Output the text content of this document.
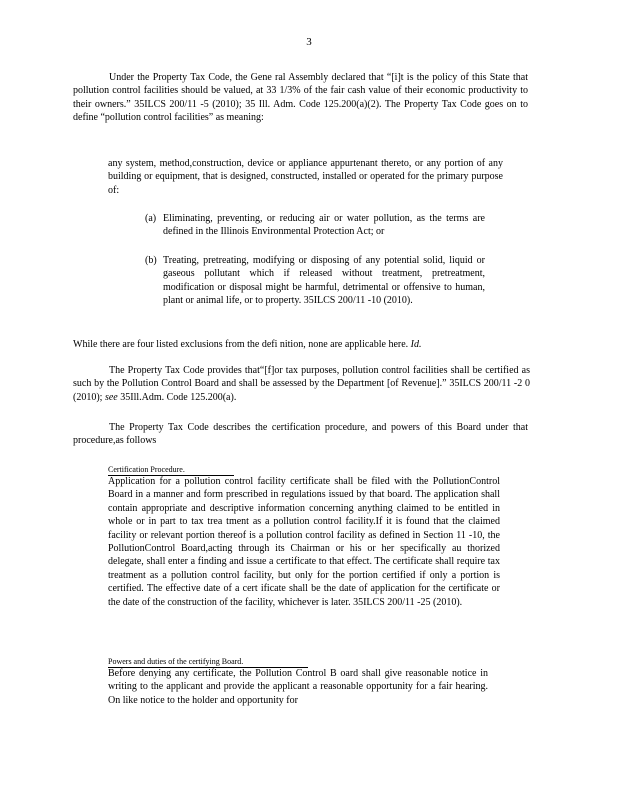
3

Under the Property Tax Code, the Gene ral Assembly declared that “[i]t is the policy of this State that pollution control facilities should be valued, at 33 1/3% of the fair cash value of their economic productivity to their owners.” 35ILCS 200/11 -5 (2010); 35 Ill. Adm. Code 125.200(a)(2). The Property Tax Code goes on to define “pollution control facilities” as meaning:

any system, method,construction, device or appliance appurtenant thereto, or any portion of any building or equipment, that is designed, constructed, installed or operated for the primary purpose of:

(a) Eliminating, preventing, or reducing air or water pollution, as the terms are defined in the Illinois Environmental Protection Act; or
(b) Treating, pretreating, modifying or disposing of any potential solid, liquid or gaseous pollutant which if released without treatment, pretreatment, modification or disposal might be harmful, detrimental or offensive to human, plant or animal life, or to property. 35ILCS 200/11 -10 (2010).

While there are four listed exclusions from the defi nition, none are applicable here. Id.

The Property Tax Code provides that“[f]or tax purposes, pollution control facilities shall be certified as such by the Pollution Control Board and shall be assessed by the Department [of Revenue].” 35ILCS 200/11 -2 0 (2010); see 35Ill.Adm. Code 125.200(a).

The Property Tax Code describes the certification procedure, and powers of this Board under that procedure,as follows

Certification Procedure.

Application for a pollution control facility certificate shall be filed with the PollutionControl Board in a manner and form prescribed in regulations issued by that board. The application shall contain appropriate and descriptive information concerning anything claimed to be entitled in whole or in part to tax trea tment as a pollution control facility.If it is found that the claimed facility or relevant portion thereof is a pollution control facility as defined in Section 11 -10, the PollutionControl Board,acting through its Chairman or his or her specifically au thorized delegate, shall enter a finding and issue a certificate to that effect. The certificate shall require tax treatment as a pollution control facility, but only for the portion certified if only a portion is certified. The effective date of a cert ificate shall be the date of application for the certificate or the date of the construction of the facility, whichever is later. 35ILCS 200/11 -25 (2010).

Powers and duties of the certifying Board.

Before denying any certificate, the Pollution Control B oard shall give reasonable notice in writing to the applicant and provide the applicant a reasonable opportunity for a fair hearing. On like notice to the holder and opportunity for
